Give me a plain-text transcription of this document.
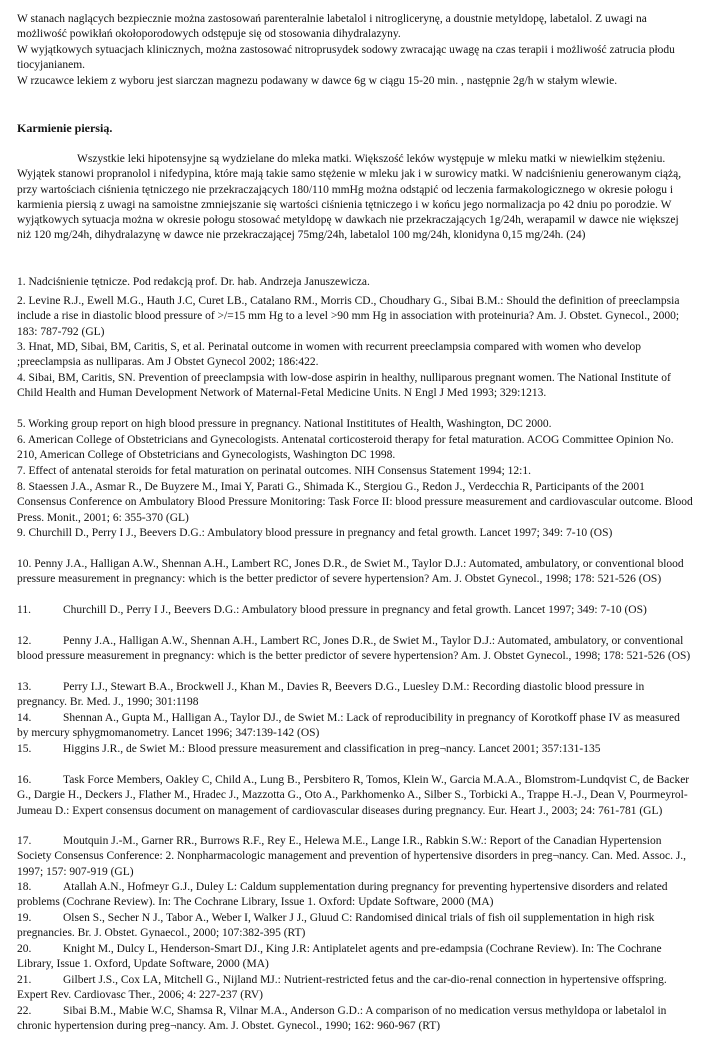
W stanach naglących bezpiecznie można zastosowań parenteralnie labetalol i nitroglicerynę, a doustnie metyldopę, labetalol. Z uwagi na możliwość powikłań okołoporodowych odstępuje się od stosowania dihydralazyny.

W wyjątkowych sytuacjach klinicznych, można zastosować nitroprusydek sodowy zwracając uwagę na czas terapii i możliwość zatrucia płodu tiocyjanianem.

W rzucawce lekiem z wyboru jest siarczan magnezu podawany w dawce 6g w ciągu 15-20 min. , następnie 2g/h w stałym wlewie.

Karmienie piersią.

Wszystkie leki hipotensyjne są wydzielane do mleka matki. Większość leków występuje w mleku matki w niewielkim stężeniu. Wyjątek stanowi propranolol i nifedypina, które mają takie samo stężenie w mleku jak i w surowicy matki. W nadciśnieniu generowanym ciążą, przy wartościach ciśnienia tętniczego nie przekraczających 180/110 mmHg można odstąpić od leczenia farmakologicznego w okresie połogu i karmienia piersią z uwagi na samoistne zmniejszanie się wartości ciśnienia tętniczego i w końcu jego normalizacja po 42 dniu po porodzie. W wyjątkowych sytuacja można w okresie połogu stosować metyldopę w dawkach nie przekraczających 1g/24h, werapamil w dawce nie większej niż 120 mg/24h, dihydralazynę w dawce nie przekraczającej 75mg/24h, labetalol 100 mg/24h, klonidyna 0,15 mg/24h. (24)

1. Nadciśnienie tętnicze. Pod redakcją prof. Dr. hab. Andrzeja Januszewicza.

2. Levine R.J., Ewell M.G., Hauth J.C, Curet LB., Catalano RM., Morris CD., Choudhary G., Sibai B.M.: Should the definition of preeclampsia include a rise in diastolic blood pressure of >/=15 mm Hg to a level >90 mm Hg in association with proteinuria? Am. J. Obstet. Gynecol., 2000; 183: 787-792 (GL)

3. Hnat, MD, Sibai, BM, Caritis, S, et al. Perinatal outcome in women with recurrent preeclampsia compared with women who develop ;preeclampsia as nulliparas. Am J Obstet Gynecol 2002; 186:422.

4. Sibai, BM, Caritis, SN. Prevention of preeclampsia with low-dose aspirin in healthy, nulliparous pregnant women. The National Institute of Child Health and Human Development Network of Maternal-Fetal Medicine Units. N Engl J Med 1993; 329:1213.

5. Working group report on high blood pressure in pregnancy. National Instititutes of Health, Washington, DC 2000.

6. American College of Obstetricians and Gynecologists. Antenatal corticosteroid therapy for fetal maturation. ACOG Committee Opinion No. 210, American College of Obstetricians and Gynecologists, Washington DC 1998.

7. Effect of antenatal steroids for fetal maturation on perinatal outcomes. NIH Consensus Statement 1994; 12:1.

8. Staessen J.A., Asmar R., De Buyzere M., Imai Y, Parati G., Shimada K., Stergiou G., Redon J., Verdecchia R, Participants of the 2001 Consensus Conference on Ambulatory Blood Pressure Monitoring: Task Force II: blood pressure measurement and cardiovascular outcome. Blood Press. Monit., 2001; 6: 355-370 (GL)

9. Churchill D., Perry I J., Beevers D.G.: Ambulatory blood pressure in pregnancy and fetal growth. Lancet 1997; 349: 7-10 (OS)

10. Penny J.A., Halligan A.W., Shennan A.H., Lambert RC, Jones D.R., de Swiet M., Taylor D.J.: Automated, ambulatory, or conventional blood pressure measurement in pregnancy: which is the better predictor of severe hypertension? Am. J. Obstet Gynecol., 1998; 178: 521-526 (OS)

11.	Churchill D., Perry I J., Beevers D.G.: Ambulatory blood pressure in pregnancy and fetal growth. Lancet 1997; 349: 7-10 (OS)

12.	Penny J.A., Halligan A.W., Shennan A.H., Lambert RC, Jones D.R., de Swiet M., Taylor D.J.: Automated, ambulatory, or conventional blood pressure measurement in pregnancy: which is the better predictor of severe hypertension? Am. J. Obstet Gynecol., 1998; 178: 521-526 (OS)

13.	Perry I.J., Stewart B.A., Brockwell J., Khan M., Davies R, Beevers D.G., Luesley D.M.: Recording diastolic blood pressure in pregnancy. Br. Med. J., 1990; 301:1198

14.	Shennan A., Gupta M., Halligan A., Taylor DJ., de Swiet M.: Lack of reproducibility in pregnancy of Korotkoff phase IV as measured by mercury sphygmomanometry. Lancet 1996; 347:139-142 (OS)

15.	Higgins J.R., de Swiet M.: Blood pressure measurement and classification in preg¬nancy. Lancet 2001; 357:131-135

16.	Task Force Members, Oakley C, Child A., Lung B., Persbitero R, Tomos, Klein W., Garcia M.A.A., Blomstrom-Lundqvist C, de Backer G., Dargie H., Deckers J., Flather M., Hradec J., Mazzotta G., Oto A., Parkhomenko A., Silber S., Torbicki A., Trappe H.-J., Dean V, Pourmeyrol-Jumeau D.: Expert consensus document on management of cardiovascular diseases during pregnancy. Eur. Heart J., 2003; 24: 761-781 (GL)

17.	Moutquin J.-M., Garner RR., Burrows R.F., Rey E., Helewa M.E., Lange I.R., Rabkin S.W.: Report of the Canadian Hypertension Society Consensus Conference: 2. Nonpharmacologic management and prevention of hypertensive disorders in preg¬nancy. Can. Med. Assoc. J., 1997; 157: 907-919 (GL)

18.	Atallah A.N., Hofmeyr G.J., Duley L: Caldum supplementation during pregnancy for preventing hypertensive disorders and related problems (Cochrane Review). In: The Cochrane Library, Issue 1. Oxford: Update Software, 2000 (MA)

19.	Olsen S., Secher N J., Tabor A., Weber I, Walker J J., Gluud C: Randomised dinical trials of fish oil supplementation in high risk pregnancies. Br. J. Obstet. Gynaecol., 2000; 107:382-395 (RT)

20.	Knight M., Dulcy L, Henderson-Smart DJ., King J.R: Antiplatelet agents and pre-edampsia (Cochrane Review). In: The Cochrane Library, Issue 1. Oxford, Update Software, 2000 (MA)

21.	Gilbert J.S., Cox LA, Mitchell G., Nijland MJ.: Nutrient-restricted fetus and the car-dio-renal connection in hypertensive offspring. Expert Rev. Cardiovasc Ther., 2006; 4: 227-237 (RV)

22.	Sibai B.M., Mabie W.C, Shamsa R, Vilnar M.A., Anderson G.D.: A comparison of no medication versus methyldopa or labetalol in chronic hypertension during preg¬nancy. Am. J. Obstet. Gynecol., 1990; 162: 960-967 (RT)
